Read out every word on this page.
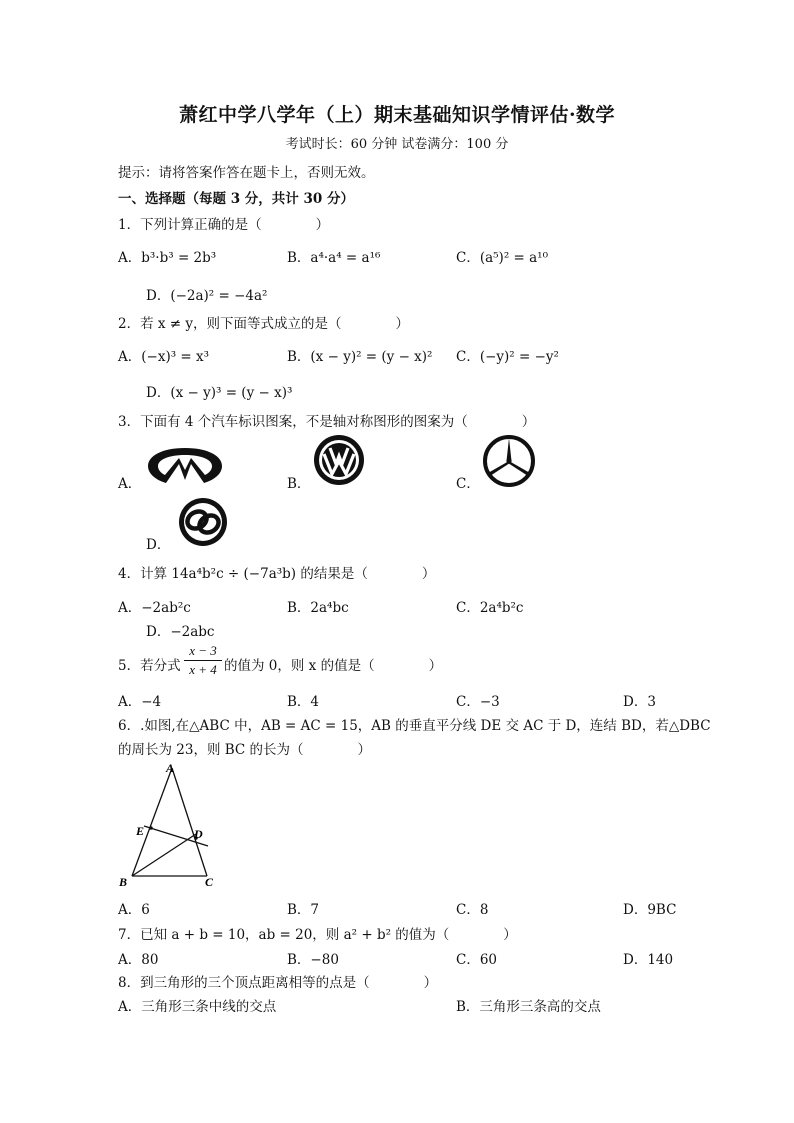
萧红中学八学年（上）期末基础知识学情评估·数学
考试时长：60 分钟 试卷满分：100 分
提示：请将答案作答在题卡上，否则无效。
一、选择题（每题 3 分，共计 30 分）
1．下列计算正确的是（　　　　）
A．b³·b³ = 2b³	B．a⁴·a⁴ = a¹⁶	C．(a⁵)² = a¹⁰
D．(−2a)² = −4a²
2．若 x ≠ y，则下面等式成立的是（　　　　）
A．(−x)³ = x³	B．(x − y)² = (y − x)² C．(−y)² = −y²
D．(x − y)³ = (y − x)³
3．下面有 4 个汽车标识图案，不是轴对称图形的图案为（　　　　）
A．	B．	C．
D．
4．计算 14a⁴b²c ÷ (−7a³b) 的结果是（　　　　）
A．−2ab²c	B．2a⁴bc	C．2a⁴b²c
D．−2abc
5．若分式 $\frac{x - 3}{x + 4}$ 的值为 0，则 x 的值是（　　　　）
A．−4	B．4	C．−3	D．3
6．.如图,在△ABC 中，AB = AC = 15，AB 的垂直平分线 DE 交 AC 于 D，连结 BD，若△DBC
的周长为 23，则 BC 的长为（　　　　）
A
E	D
B	C
A．6	B．7	C．8	D．9BC
7．已知 a + b = 10，ab = 20，则 a² + b² 的值为（　　　　）
A．80	B．−80	C．60	D．140
8．到三角形的三个顶点距离相等的点是（　　　　）
A．三角形三条中线的交点	B．三角形三条高的交点
